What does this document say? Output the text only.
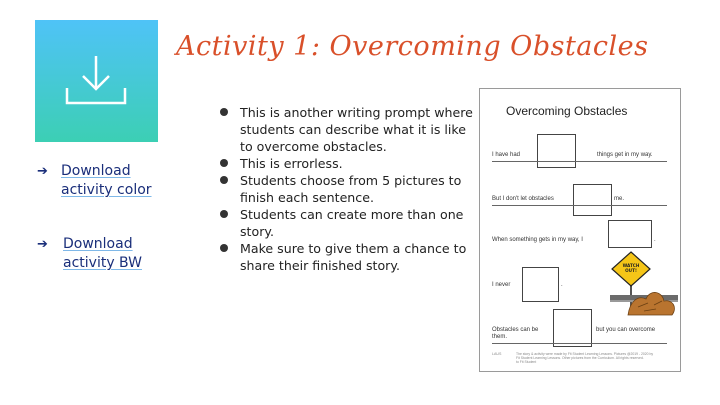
Activity 1: Overcoming Obstacles
➔ Download activity color
➔ Download activity BW
This is another writing prompt where students can describe what it is like to overcome obstacles.
This is errorless.
Students choose from 5 pictures to finish each sentence.
Students can create more than one story.
Make sure to give them a chance to share their finished story.
Overcoming Obstacles
I have had	things get in my way.
But I don't let obstacles	me.
When something gets in my way, I	.
I never	.
WATCH OUT!
Obstacles can be	but you can overcome
them.
LAUS	The story & activity were made by Fit Student Learning Lessons. Pictures @2019 - 2020 by
Fit Student Learning Lessons. Other pictures from the Curriculum. All rights reserved.
to Fit Student
